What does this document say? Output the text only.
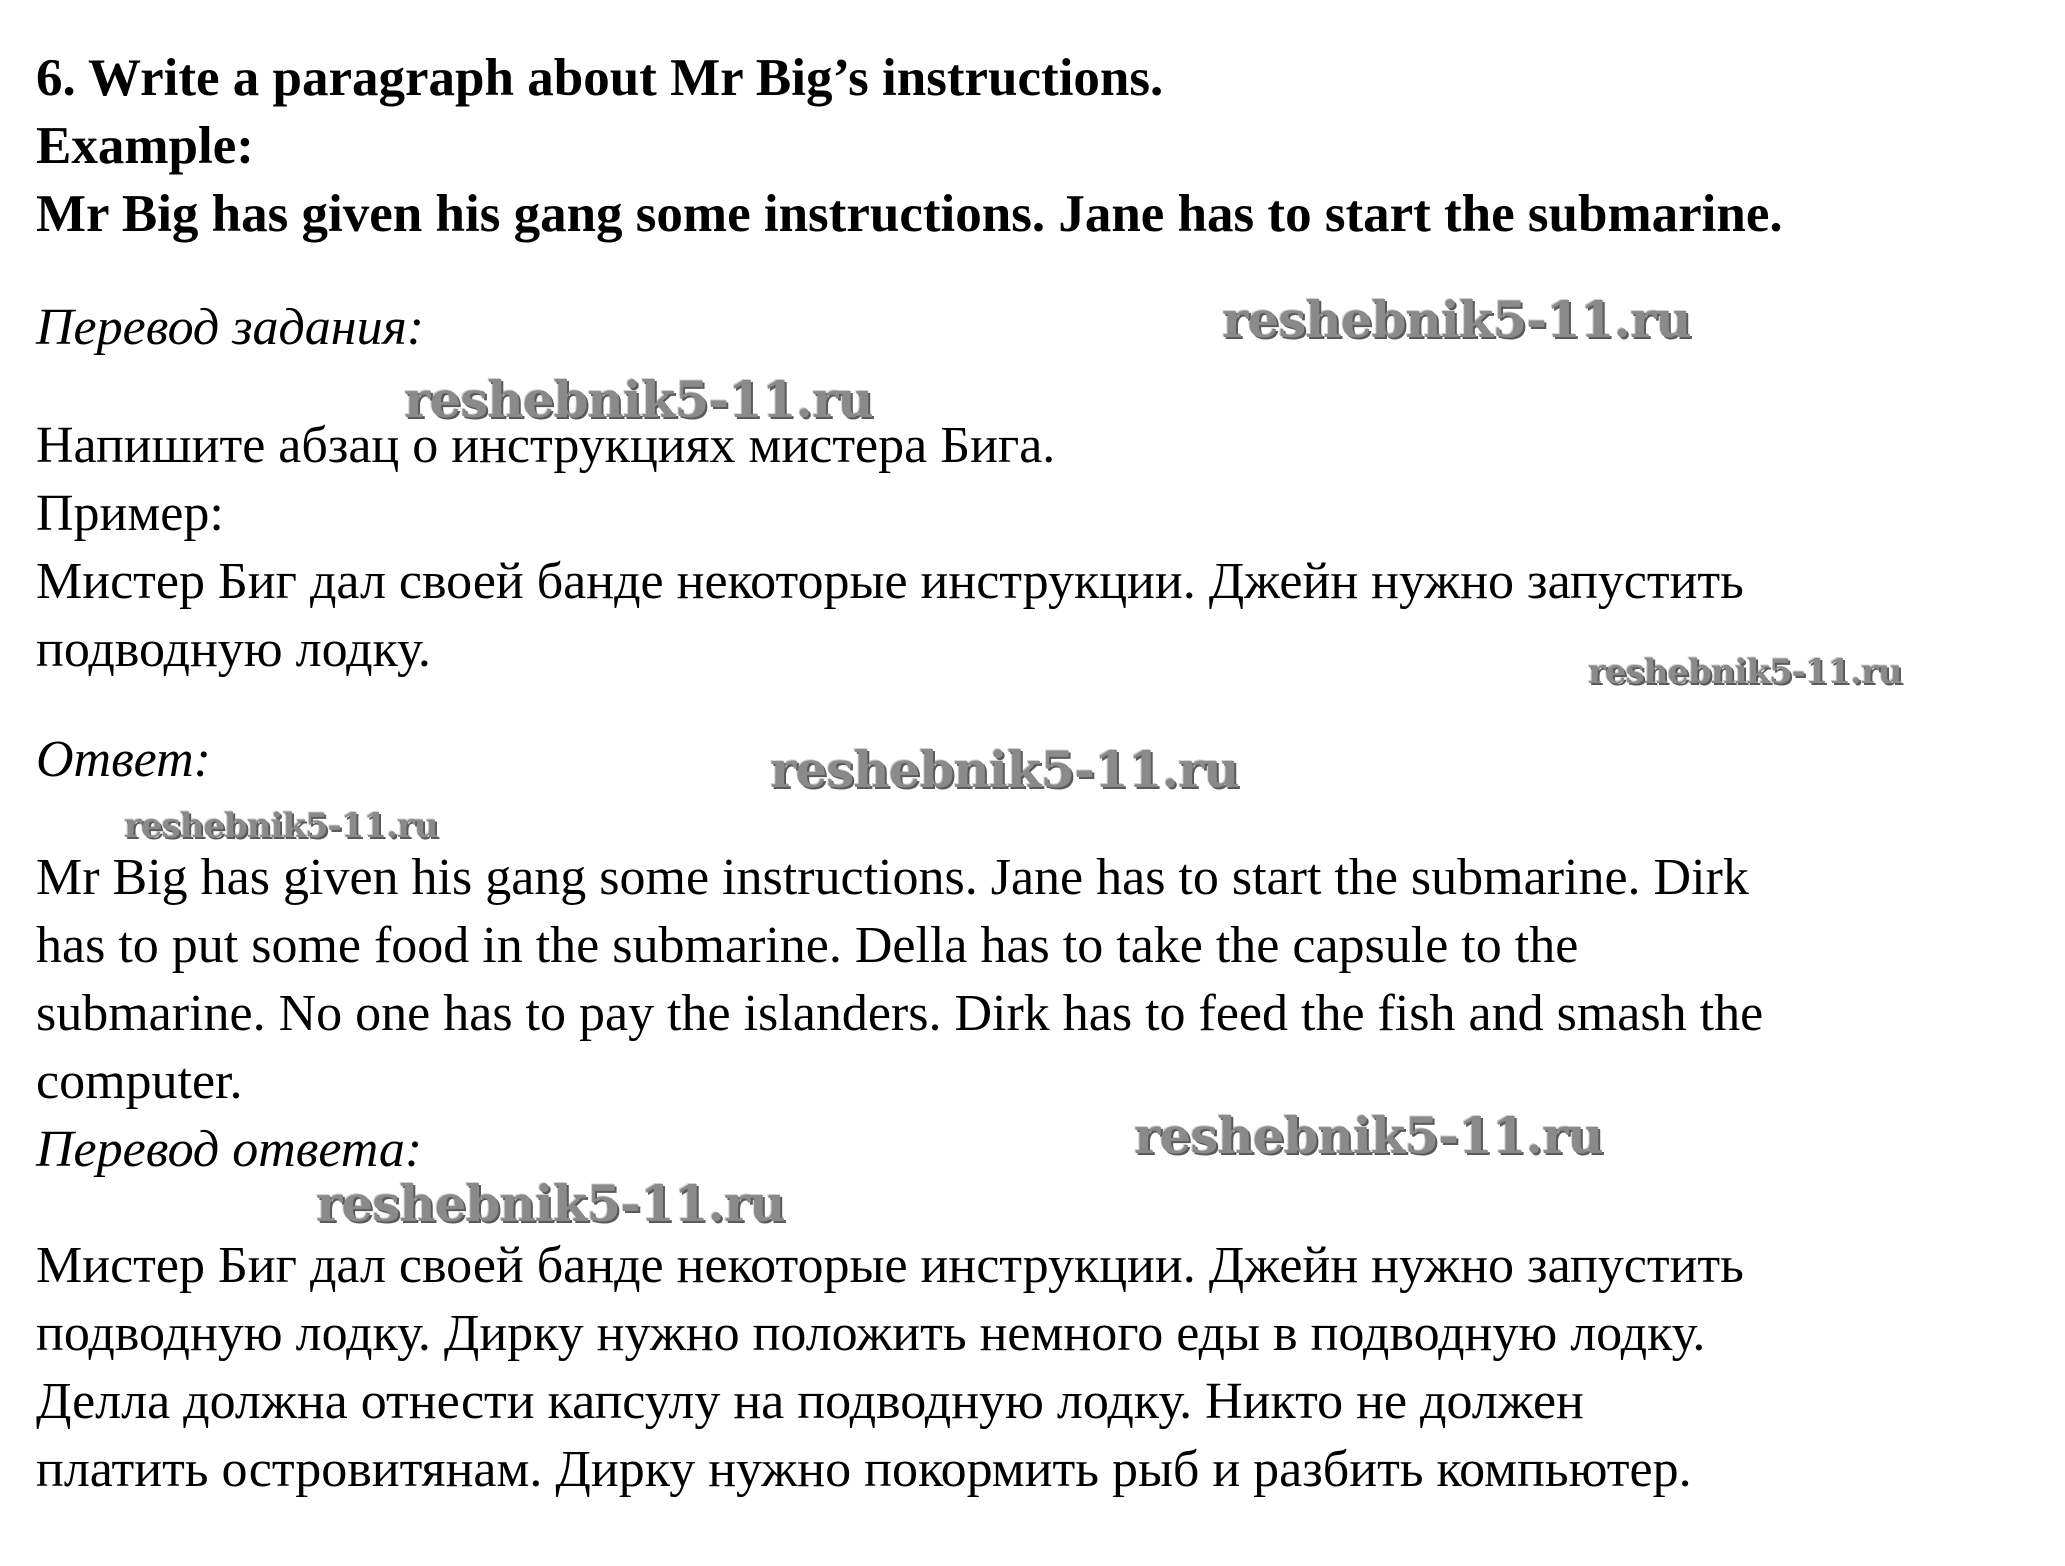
6. Write a paragraph about Mr Big’s instructions.
Example:
Mr Big has given his gang some instructions. Jane has to start the submarine.
Перевод задания:
Напишите абзац о инструкциях мистера Бига.
Пример:
Мистер Биг дал своей банде некоторые инструкции. Джейн нужно запустить
подводную лодку.
Ответ:
Mr Big has given his gang some instructions. Jane has to start the submarine. Dirk
has to put some food in the submarine. Della has to take the capsule to the
submarine. No one has to pay the islanders. Dirk has to feed the fish and smash the
computer.
Перевод ответа:
Мистер Биг дал своей банде некоторые инструкции. Джейн нужно запустить
подводную лодку. Дирку нужно положить немного еды в подводную лодку.
Делла должна отнести капсулу на подводную лодку. Никто не должен
платить островитянам. Дирку нужно покормить рыб и разбить компьютер.
reshebnik5-11.ru
reshebnik5-11.ru
reshebnik5-11.ru
reshebnik5-11.ru
reshebnik5-11.ru
reshebnik5-11.ru
reshebnik5-11.ru
